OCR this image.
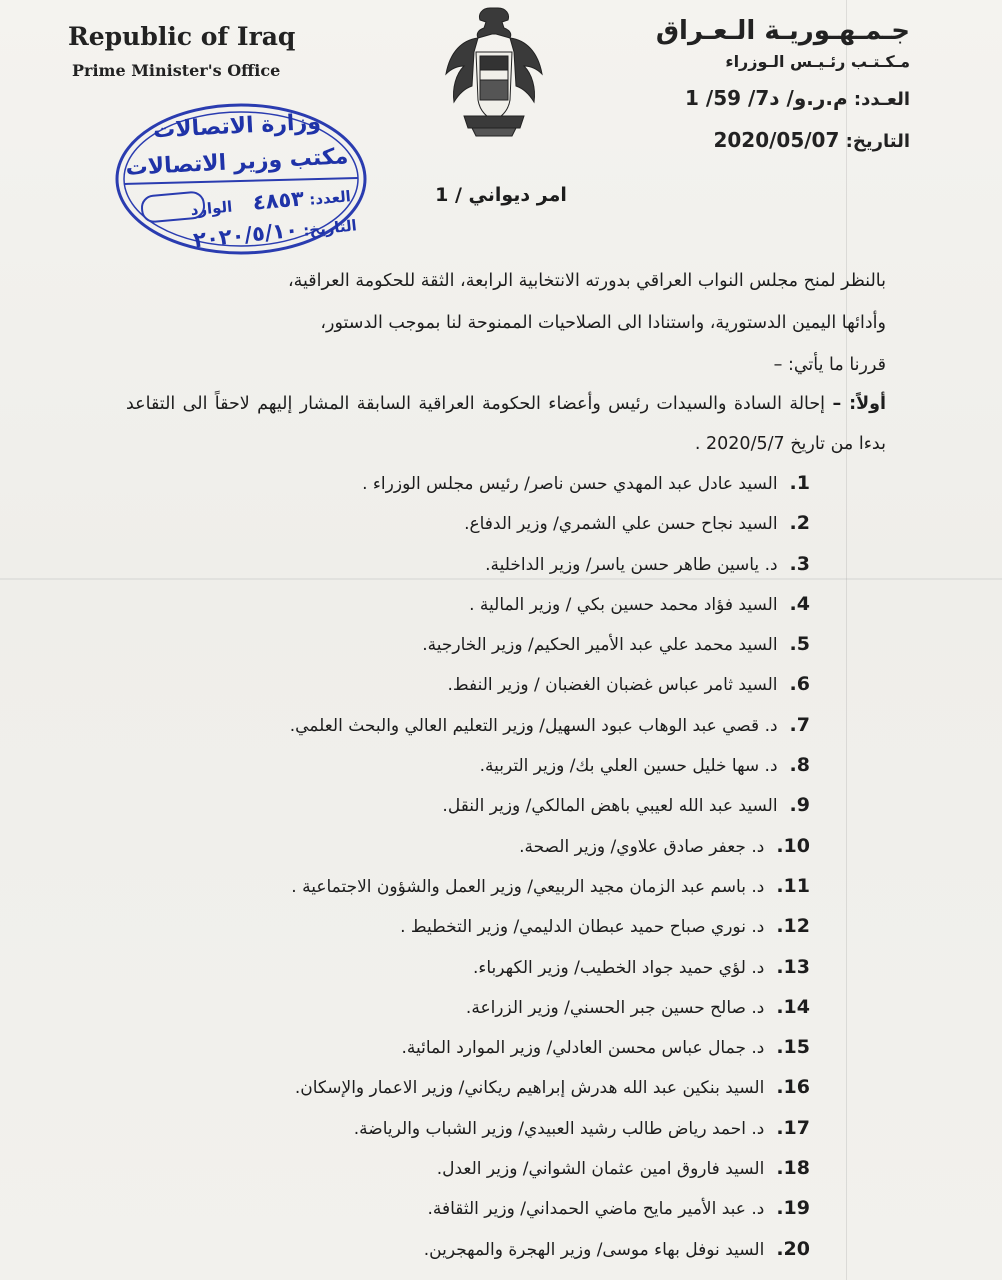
Republic of Iraq
Prime Minister's Office
جـمـهـوريـة الـعـراق
مـكـتـب رئـيـس الـوزراء
العـدد: م.ر.و/ د7/ 59/ 1
التاريخ: 2020/05/07
وزارة الاتصالات
مكتب وزير الاتصالات
العدد: ٤٨٥٣    الوارد
التاريخ: ٢٠٢٠/٥/١٠
امر ديواني / 1

بالنظر لمنح مجلس النواب العراقي بدورته الانتخابية الرابعة، الثقة للحكومة العراقية،

وأدائها اليمين الدستورية، واستنادا الى الصلاحيات الممنوحة لنا بموجب الدستور،

قررنا ما يأتي: –

أولاً: – إحالة السادة والسيدات رئيس وأعضاء الحكومة العراقية السابقة المشار إليهم لاحقاً الى التقاعد بدءا من تاريخ 2020/5/7 .
1.السيد عادل عبد المهدي حسن ناصر/ رئيس مجلس الوزراء .
2.السيد نجاح حسن علي الشمري/ وزير الدفاع.
3.د. ياسين طاهر حسن ياسر/ وزير الداخلية.
4.السيد فؤاد محمد حسين بكي / وزير المالية .
5.السيد محمد علي عبد الأمير الحكيم/ وزير الخارجية.
6.السيد ثامر عباس غضبان الغضبان / وزير النفط.
7.د. قصي عبد الوهاب عبود السهيل/ وزير التعليم العالي والبحث العلمي.
8.د. سها خليل حسين العلي بك/ وزير التربية.
9.السيد عبد الله لعيبي باهض المالكي/ وزير النقل.
10.د. جعفر صادق علاوي/ وزير الصحة.
11.د. باسم عبد الزمان مجيد الربيعي/ وزير العمل والشؤون الاجتماعية .
12.د. نوري صباح حميد عبطان الدليمي/ وزير التخطيط .
13.د. لؤي حميد جواد الخطيب/ وزير الكهرباء.
14.د. صالح حسين جبر الحسني/ وزير الزراعة.
15.د. جمال عباس محسن العادلي/ وزير الموارد المائية.
16.السيد بنكين عبد الله هدرش إبراهيم ريكاني/ وزير الاعمار والإسكان.
17.د. احمد رياض طالب رشيد العبيدي/ وزير الشباب والرياضة.
18.السيد فاروق امين عثمان الشواني/ وزير العدل.
19.د. عبد الأمير مايح ماضي الحمداني/ وزير الثقافة.
20.السيد نوفل بهاء موسى/ وزير الهجرة والمهجرين.
